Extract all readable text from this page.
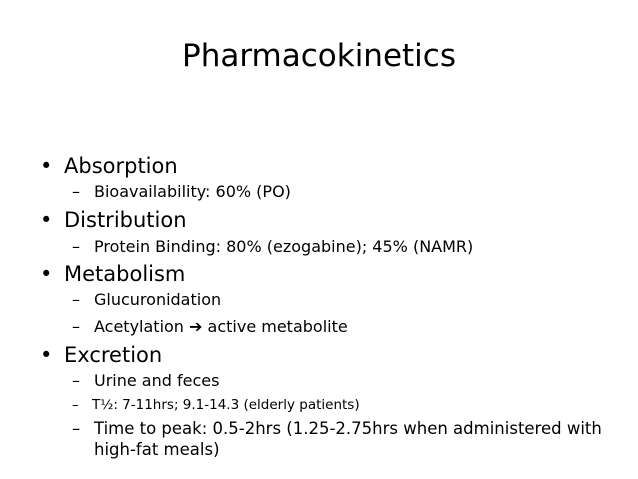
Pharmacokinetics
• Absorption
– Bioavailability: 60% (PO)
• Distribution
– Protein Binding: 80% (ezogabine); 45% (NAMR)
• Metabolism
– Glucuronidation
– Acetylation ➔ active metabolite
• Excretion
– Urine and feces
– T½: 7-11hrs; 9.1-14.3 (elderly patients)
– Time to peak: 0.5-2hrs (1.25-2.75hrs when administered with high-fat meals)
